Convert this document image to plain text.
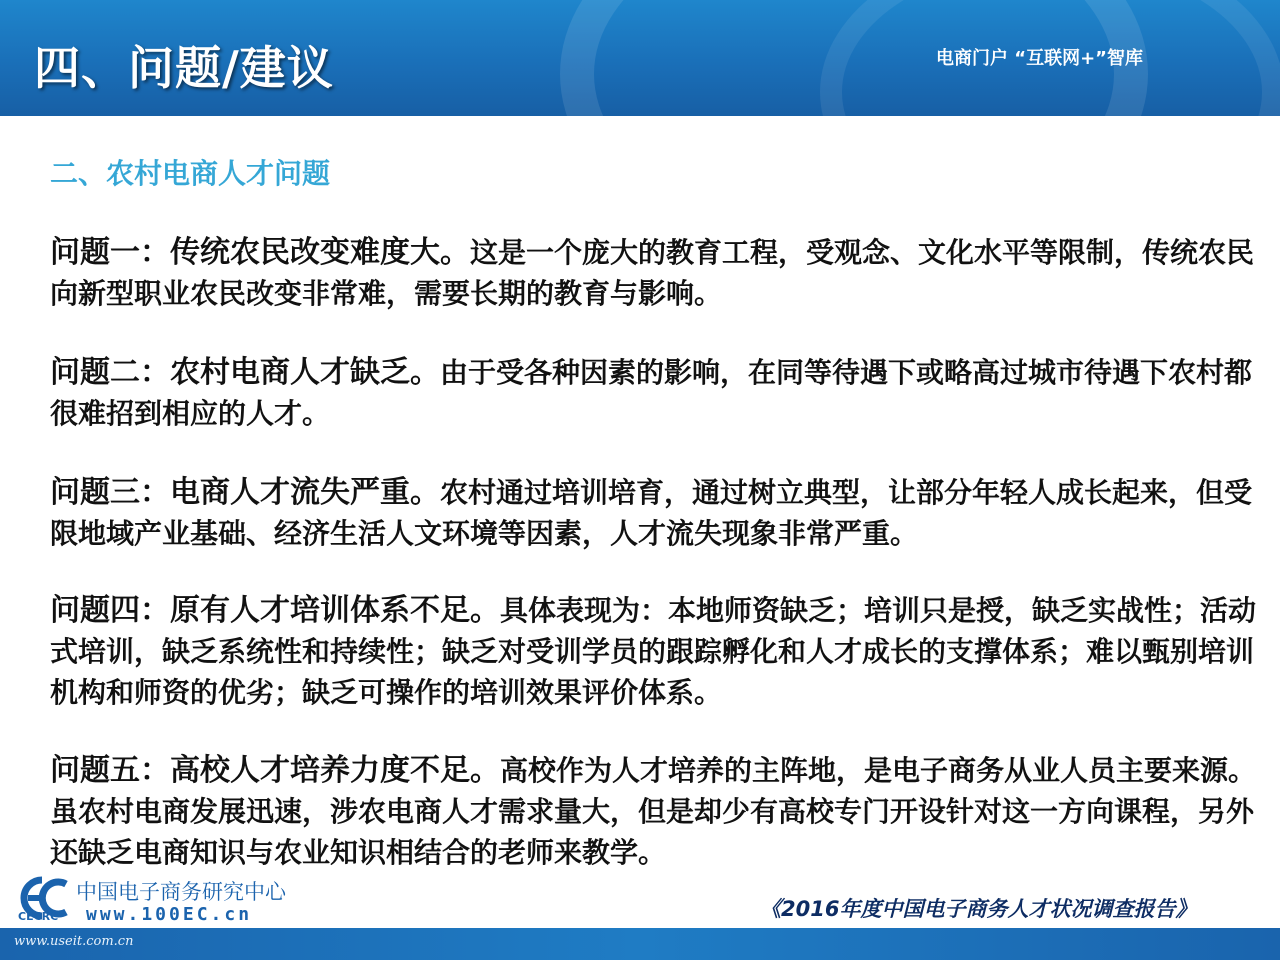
四、问题/建议	电商门户 “互联网+”智库
二、农村电商人才问题
问题一：传统农民改变难度大。这是一个庞大的教育工程，受观念、文化水平等限制，传统农民向新型职业农民改变非常难，需要长期的教育与影响。
问题二：农村电商人才缺乏。由于受各种因素的影响，在同等待遇下或略高过城市待遇下农村都很难招到相应的人才。
问题三：电商人才流失严重。农村通过培训培育，通过树立典型，让部分年轻人成长起来，但受限地域产业基础、经济生活人文环境等因素，人才流失现象非常严重。
问题四：原有人才培训体系不足。具体表现为：本地师资缺乏；培训只是授，缺乏实战性；活动式培训，缺乏系统性和持续性；缺乏对受训学员的跟踪孵化和人才成长的支撑体系；难以甄别培训机构和师资的优劣；缺乏可操作的培训效果评价体系。
问题五：高校人才培养力度不足。高校作为人才培养的主阵地，是电子商务从业人员主要来源。虽农村电商发展迅速，涉农电商人才需求量大，但是却少有高校专门开设针对这一方向课程，另外还缺乏电商知识与农业知识相结合的老师来教学。
CECRC
中国电子商务研究中心
www.100EC.cn	《2016年度中国电子商务人才状况调查报告》
www.useit.com.cn
